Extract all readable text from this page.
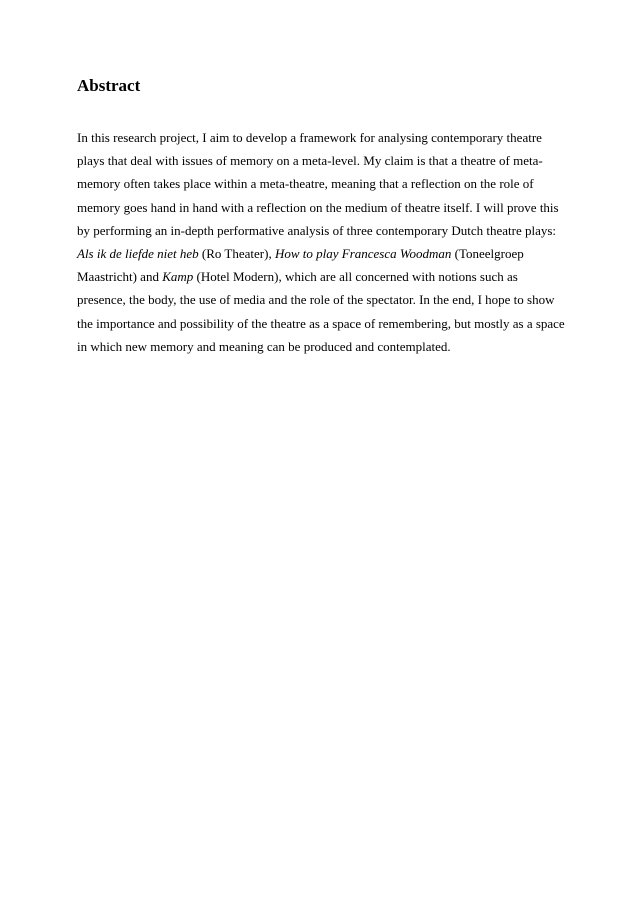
Abstract
In this research project, I aim to develop a framework for analysing contemporary theatre
plays that deal with issues of memory on a meta-level. My claim is that a theatre of meta-
memory often takes place within a meta-theatre, meaning that a reflection on the role of
memory goes hand in hand with a reflection on the medium of theatre itself. I will prove this
by performing an in-depth performative analysis of three contemporary Dutch theatre plays:
Als ik de liefde niet heb (Ro Theater), How to play Francesca Woodman (Toneelgroep
Maastricht) and Kamp (Hotel Modern), which are all concerned with notions such as
presence, the body, the use of media and the role of the spectator. In the end, I hope to show
the importance and possibility of the theatre as a space of remembering, but mostly as a space
in which new memory and meaning can be produced and contemplated.
